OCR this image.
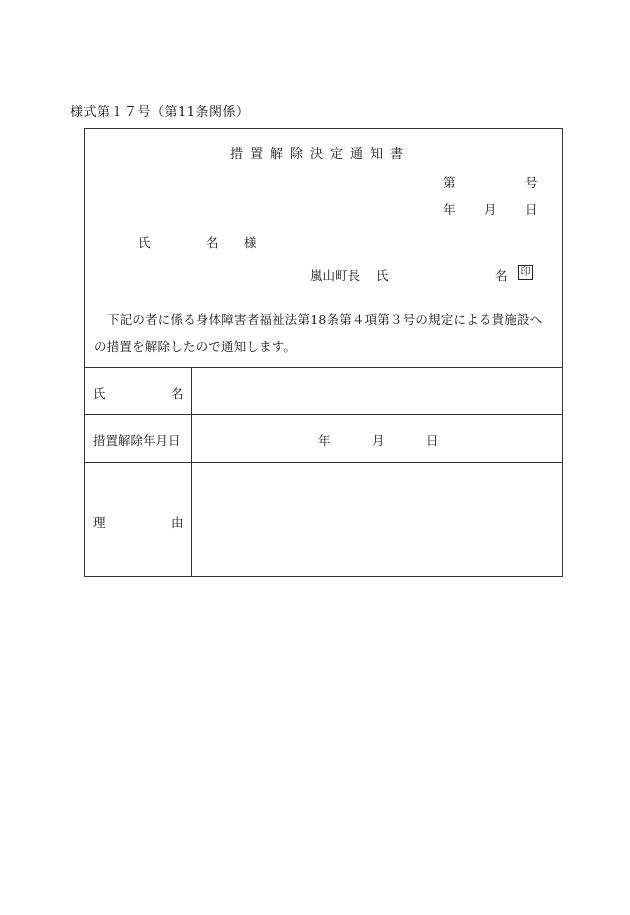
様式第１７号（第11条関係）
措置解除決定通知書
第	号
年 月 日
氏	名 様
嵐山町長 氏	名 印
下記の者に係る身体障害者福祉法第18条第４項第３号の規定による貴施設への措置を解除したので通知します。
氏	名
措置解除年月日	年	月	日
理	由
